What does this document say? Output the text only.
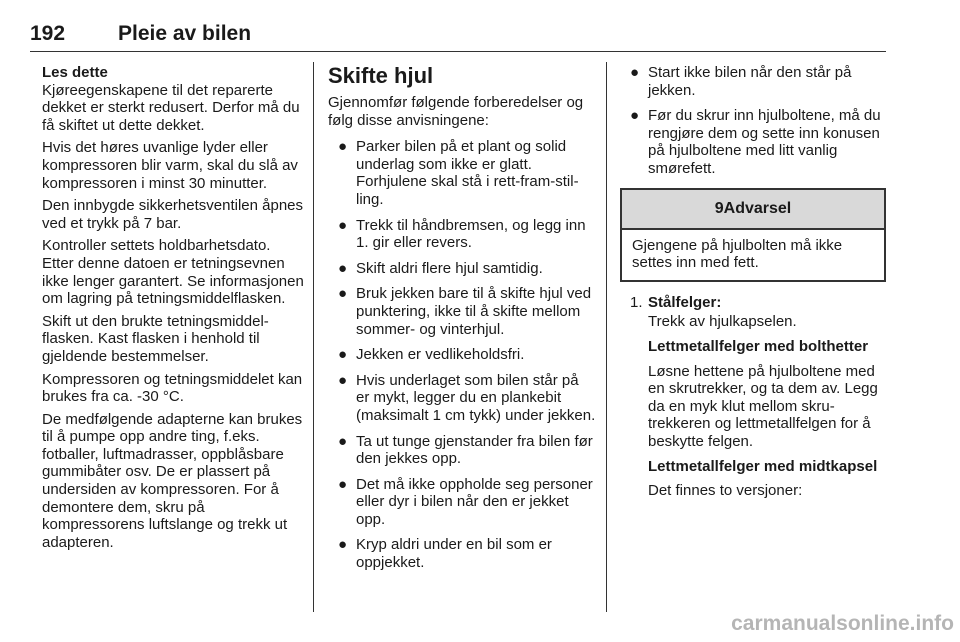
192	Pleie av bilen

Les dette

Kjøreegenskapene til det reparerte dekket er sterkt redusert. Derfor må du få skiftet ut dette dekket.

Hvis det høres uvanlige lyder eller kompressoren blir varm, skal du slå av kompressoren i minst 30 minutter.

Den innbygde sikkerhetsventilen åpnes ved et trykk på 7 bar.

Kontroller settets holdbarhetsdato. Etter denne datoen er tetningsevnen ikke lenger garantert. Se informasjonen om lagring på tetningsmiddelflasken.

Skift ut den brukte tetningsmiddelflasken. Kast flasken i henhold til gjeldende bestemmelser.

Kompressoren og tetningsmiddelet kan brukes fra ca. -30 °C.

De medfølgende adapterne kan brukes til å pumpe opp andre ting, f.eks. fotballer, luftmadrasser, oppblåsbare gummibåter osv. De er plassert på undersiden av kompressoren. For å demontere dem, skru på kompressorens luftslange og trekk ut adapteren.

Skifte hjul

Gjennomfør følgende forberedelser og følg disse anvisningene:

● Parker bilen på et plant og solid underlag som ikke er glatt. Forhjulene skal stå i rett-fram-stilling.
● Trekk til håndbremsen, og legg inn 1. gir eller revers.
● Skift aldri flere hjul samtidig.
● Bruk jekken bare til å skifte hjul ved punktering, ikke til å skifte mellom sommer- og vinterhjul.
● Jekken er vedlikeholdsfri.
● Hvis underlaget som bilen står på er mykt, legger du en plankebit (maksimalt 1 cm tykk) under jekken.
● Ta ut tunge gjenstander fra bilen før den jekkes opp.
● Det må ikke oppholde seg personer eller dyr i bilen når den er jekket opp.
● Kryp aldri under en bil som er oppjekket.
● Start ikke bilen når den står på jekken.
● Før du skrur inn hjulboltene, må du rengjøre dem og sette inn konusen på hjulboltene med litt vanlig smørefett.
9Advarsel
Gjengene på hjulbolten må ikke settes inn med fett.
1. Stålfelger:

Trekk av hjulkapselen.

Lettmetallfelger med bolthetter

Løsne hettene på hjulboltene med en skrutrekker, og ta dem av. Legg da en myk klut mellom skrutrekkeren og lettmetallfelgen for å beskytte felgen.

Lettmetallfelger med midtkapsel

Det finnes to versjoner:

carmanualsonline.info
